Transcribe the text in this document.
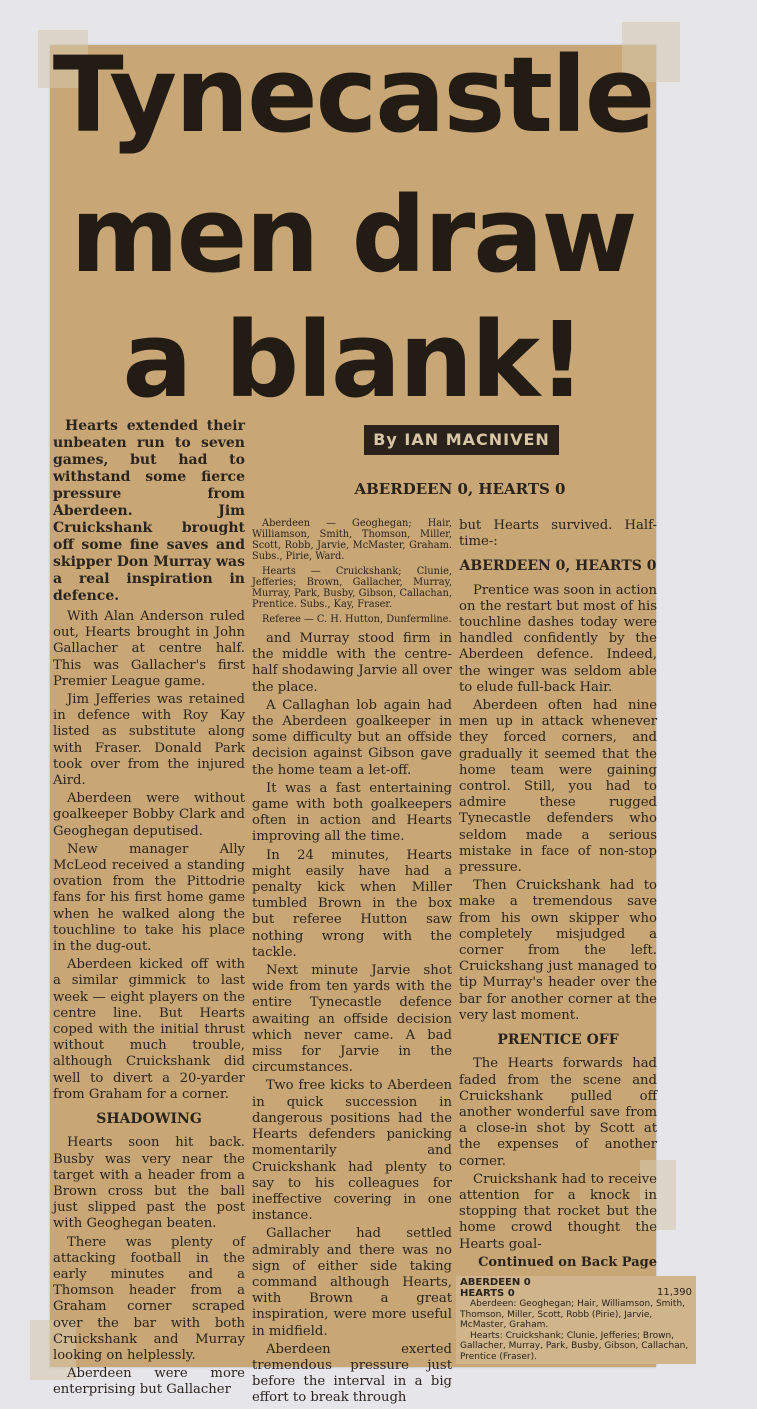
Tynecastle
men draw
a blank!
By IAN MACNIVEN
ABERDEEN 0, HEARTS 0

Hearts extended their unbeaten run to seven games, but had to withstand some fierce pressure from Aberdeen. Jim Cruickshank brought off some fine saves and skipper Don Murray was a real inspiration in defence.

With Alan Anderson ruled out, Hearts brought in John Gallacher at centre half. This was Gallacher's first Premier League game.

Jim Jefferies was retained in defence with Roy Kay listed as substitute along with Fraser. Donald Park took over from the injured Aird.

Aberdeen were without goalkeeper Bobby Clark and Geoghegan deputised.

New manager Ally McLeod received a standing ovation from the Pittodrie fans for his first home game when he walked along the touchline to take his place in the dug-out.

Aberdeen kicked off with a similar gimmick to last week — eight players on the centre line. But Hearts coped with the initial thrust without much trouble, although Cruickshank did well to divert a 20-yarder from Graham for a corner.

SHADOWING

Hearts soon hit back. Busby was very near the target with a header from a Brown cross but the ball just slipped past the post with Geoghegan beaten.

There was plenty of attacking football in the early minutes and a Thomson header from a Graham corner scraped over the bar with both Cruickshank and Murray looking on helplessly.

Aberdeen were more enterprising but Gallacher

Aberdeen — Geoghegan; Hair, Williamson, Smith, Thomson, Miller, Scott, Robb, Jarvie, McMaster, Graham. Subs., Pirie, Ward.

Hearts — Cruickshank; Clunie, Jefferies; Brown, Gallacher, Murray, Murray, Park, Busby, Gibson, Callachan, Prentice. Subs., Kay, Fraser.

Referee — C. H. Hutton, Dunfermline.

and Murray stood firm in the middle with the centre-half shodawing Jarvie all over the place.

A Callaghan lob again had the Aberdeen goalkeeper in some difficulty but an offside decision against Gibson gave the home team a let-off.

It was a fast entertaining game with both goalkeepers often in action and Hearts improving all the time.

In 24 minutes, Hearts might easily have had a penalty kick when Miller tumbled Brown in the box but referee Hutton saw nothing wrong with the tackle.

Next minute Jarvie shot wide from ten yards with the entire Tynecastle defence awaiting an offside decision which never came. A bad miss for Jarvie in the circumstances.

Two free kicks to Aberdeen in quick succession in dangerous positions had the Hearts defenders panicking momentarily and Cruickshank had plenty to say to his colleagues for ineffective covering in one instance.

Gallacher had settled admirably and there was no sign of either side taking command although Hearts, with Brown a great inspiration, were more useful in midfield.

Aberdeen exerted tremendous pressure just before the interval in a big effort to break through

but Hearts survived. Half-time-:

ABERDEEN 0, HEARTS 0

Prentice was soon in action on the restart but most of his touchline dashes today were handled confidently by the Aberdeen defence. Indeed, the winger was seldom able to elude full-back Hair.

Aberdeen often had nine men up in attack whenever they forced corners, and gradually it seemed that the home team were gaining control. Still, you had to admire these rugged Tynecastle defenders who seldom made a serious mistake in face of non-stop pressure.

Then Cruickshank had to make a tremendous save from his own skipper who completely misjudged a corner from the left. Cruickshang just managed to tip Murray's header over the bar for another corner at the very last moment.

PRENTICE OFF

The Hearts forwards had faded from the scene and Cruickshank pulled off another wonderful save from a close-in shot by Scott at the expenses of another corner.

Cruickshank had to receive attention for a knock in stopping that rocket but the home crowd thought the Hearts goal-

Continued on Back Page

ABERDEEN 0
HEARTS 0

Aberdeen: Geoghegan; Hair, Williamson, Smith, Thomson, Miller, Scott, Robb (Pirie), Jarvie, McMaster, Graham.

Hearts: Cruickshank; Clunie, Jefferies; Brown, Gallacher, Murray, Park, Busby, Gibson, Callachan, Prentice (Fraser).

11,390
